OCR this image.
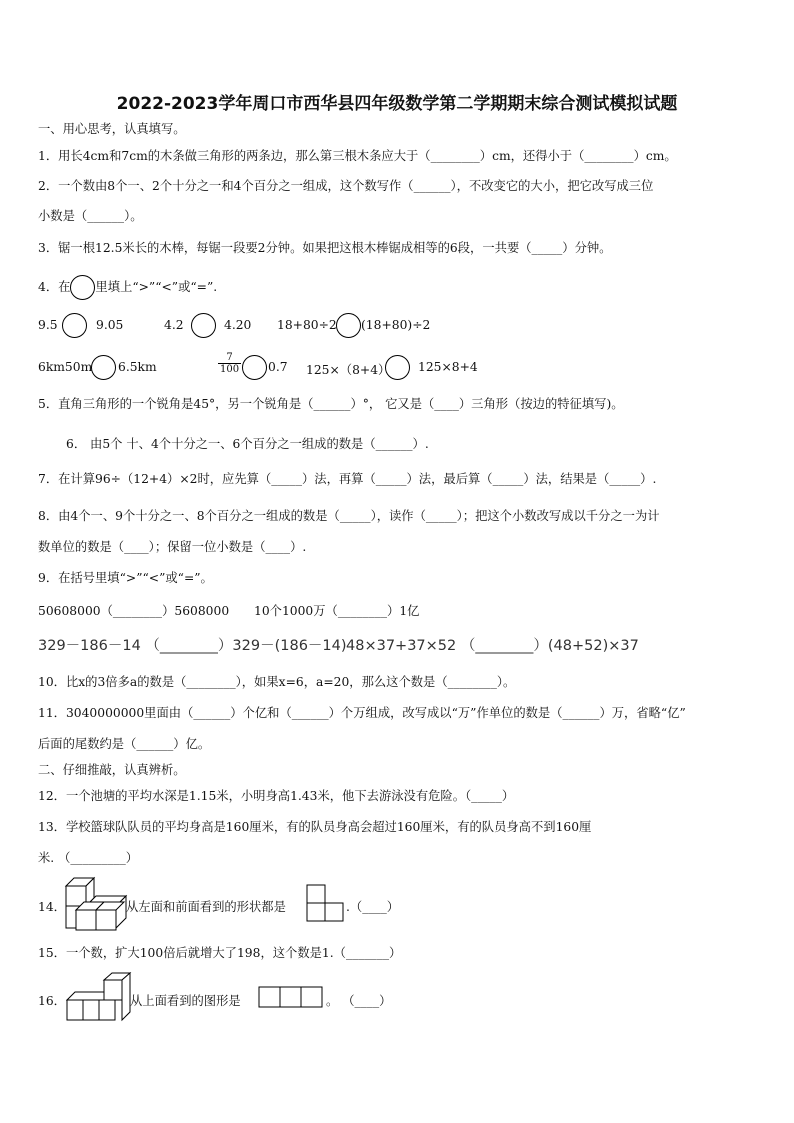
2022-2023学年周口市西华县四年级数学第二学期期末综合测试模拟试题
一、用心思考，认真填写。
1．用长4cm和7cm的木条做三角形的两条边，那么第三根木条应大于（________）cm，还得小于（________）cm。
2．一个数由8个一、2个十分之一和4个百分之一组成，这个数写作（______），不改变它的大小，把它改写成三位
小数是（______）。
3．锯一根12.5米长的木棒，每锯一段要2分钟。如果把这根木棒锯成相等的6段，一共要（_____）分钟。
4．在 里填上“>”“<”或“=”.
9.5	9.05	4.2	4.20 18+80÷2 (18+80)÷2
6km50m 6.5km	$\frac{7}{100} 0.7$ 125×（8+4） 125×8+4
5．直角三角形的一个锐角是45°，另一个锐角是（______）°， 它又是（____）三角形（按边的特征填写)。
6． 由5个 十、4个十分之一、6个百分之一组成的数是（______）.
7．在计算96÷（12+4）×2时，应先算（_____）法，再算（_____）法，最后算（_____）法，结果是（_____）.
8．由4个一、9个十分之一、8个百分之一组成的数是（_____），读作（_____）；把这个小数改写成以千分之一为计
数单位的数是（____）；保留一位小数是（____）.
9．在括号里填“>”“<”或“=”。
50608000（________）5608000 10个1000万（________）1亿
329－186－14 （________）329－(186－14) 48×37+37×52 （________）(48+52)×37
10．比x的3倍多a的数是（________），如果x=6，a=20，那么这个数是（________）。
11．3040000000里面由（______）个亿和（______）个万组成，改写成以“万”作单位的数是（______）万，省略“亿”
后面的尾数约是（______）亿。
二、仔细推敲，认真辨析。
12．一个池塘的平均水深是1.15米，小明身高1.43米，他下去游泳没有危险。（_____）
13．学校篮球队队员的平均身高是160厘米，有的队员身高会超过160厘米，有的队员身高不到160厘
米. （_________）
14．	从左面和前面看到的形状都是	.（____）
15．一个数，扩大100倍后就增大了198，这个数是1.（_______）
16．	从上面看到的图形是	。 （____）
